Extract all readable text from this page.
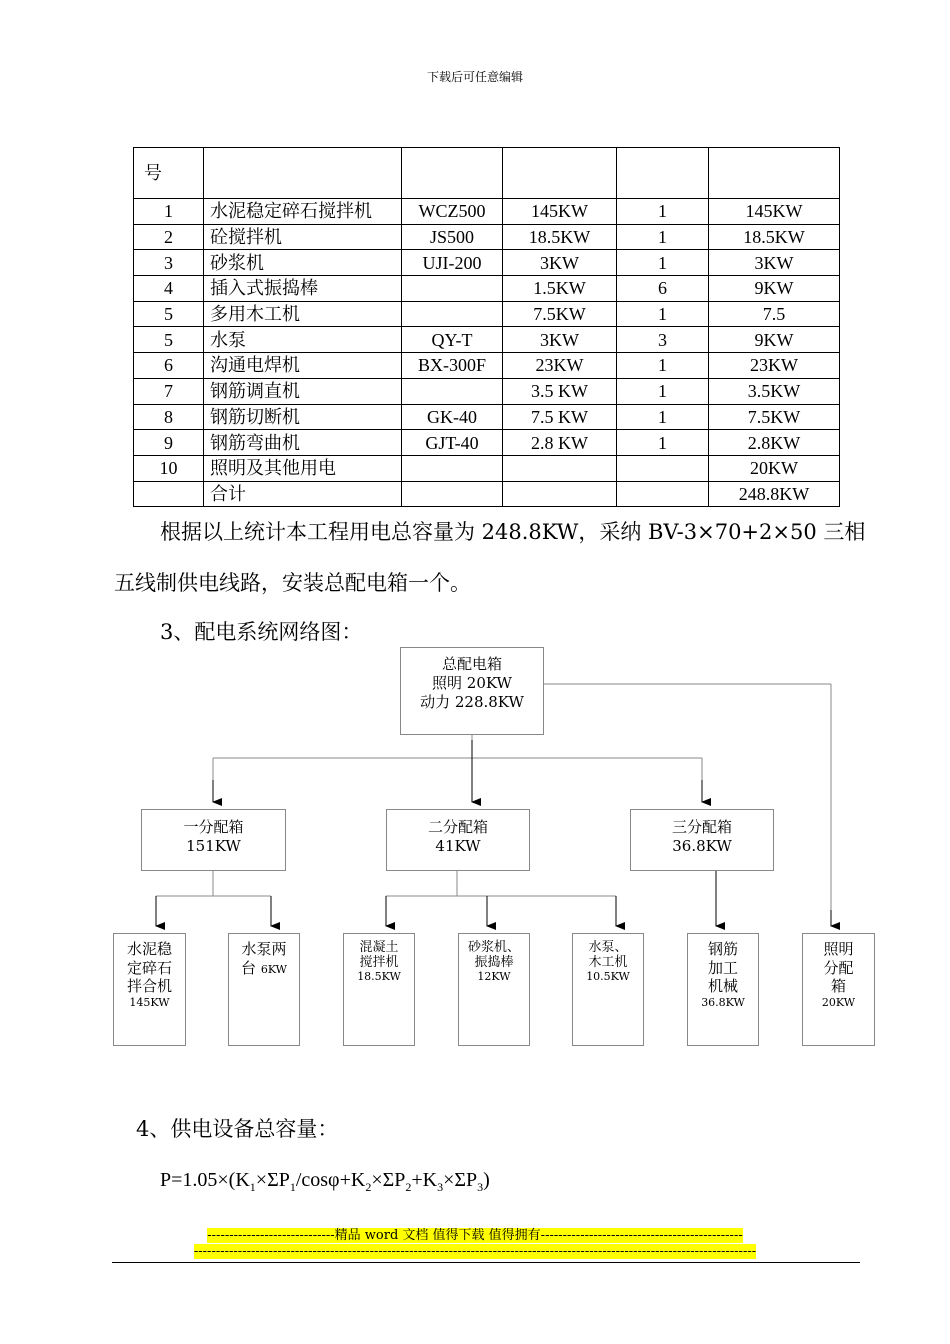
下载后可任意编辑
号					
1	水泥稳定碎石搅拌机	WCZ500	145KW	1	145KW
2	砼搅拌机	JS500	18.5KW	1	18.5KW
3	砂浆机	UJI-200	3KW	1	3KW
4	插入式振捣棒		1.5KW	6	9KW
5	多用木工机		7.5KW	1	7.5
5	水泵	QY-T	3KW	3	9KW
6	沟通电焊机	BX-300F	23KW	1	23KW
7	钢筋调直机		3.5 KW	1	3.5KW
8	钢筋切断机	GK-40	7.5 KW	1	7.5KW
9	钢筋弯曲机	GJT-40	2.8 KW	1	2.8KW
10	照明及其他用电				20KW
	合计				248.8KW
根据以上统计本工程用电总容量为 248.8KW，采纳 BV-3×70+2×50 三相
五线制供电线路，安装总配电箱一个。
3、配电系统网络图：
总配电箱
照明 20KW
动力 228.8KW
一分配箱
151KW
二分配箱
41KW
三分配箱
36.8KW
水泥稳
定碎石
拌合机
145KW
水泵两
台 6KW
混凝土
搅拌机
18.5KW
砂浆机、
振捣棒
12KW
水泵、
木工机
10.5KW
钢筋
加工
机械
36.8KW
照明
分配
箱
20KW
4、供电设备总容量：
$P=1.05\times(K_1\times\Sigma P_1/\cos\varphi+K_2\times\Sigma P_2+K_3\times\Sigma P_3)$
-----------------------------精品 word 文档 值得下载 值得拥有----------------------------------------------
--------------------------------------------------------------------------------------------------------------------------------
